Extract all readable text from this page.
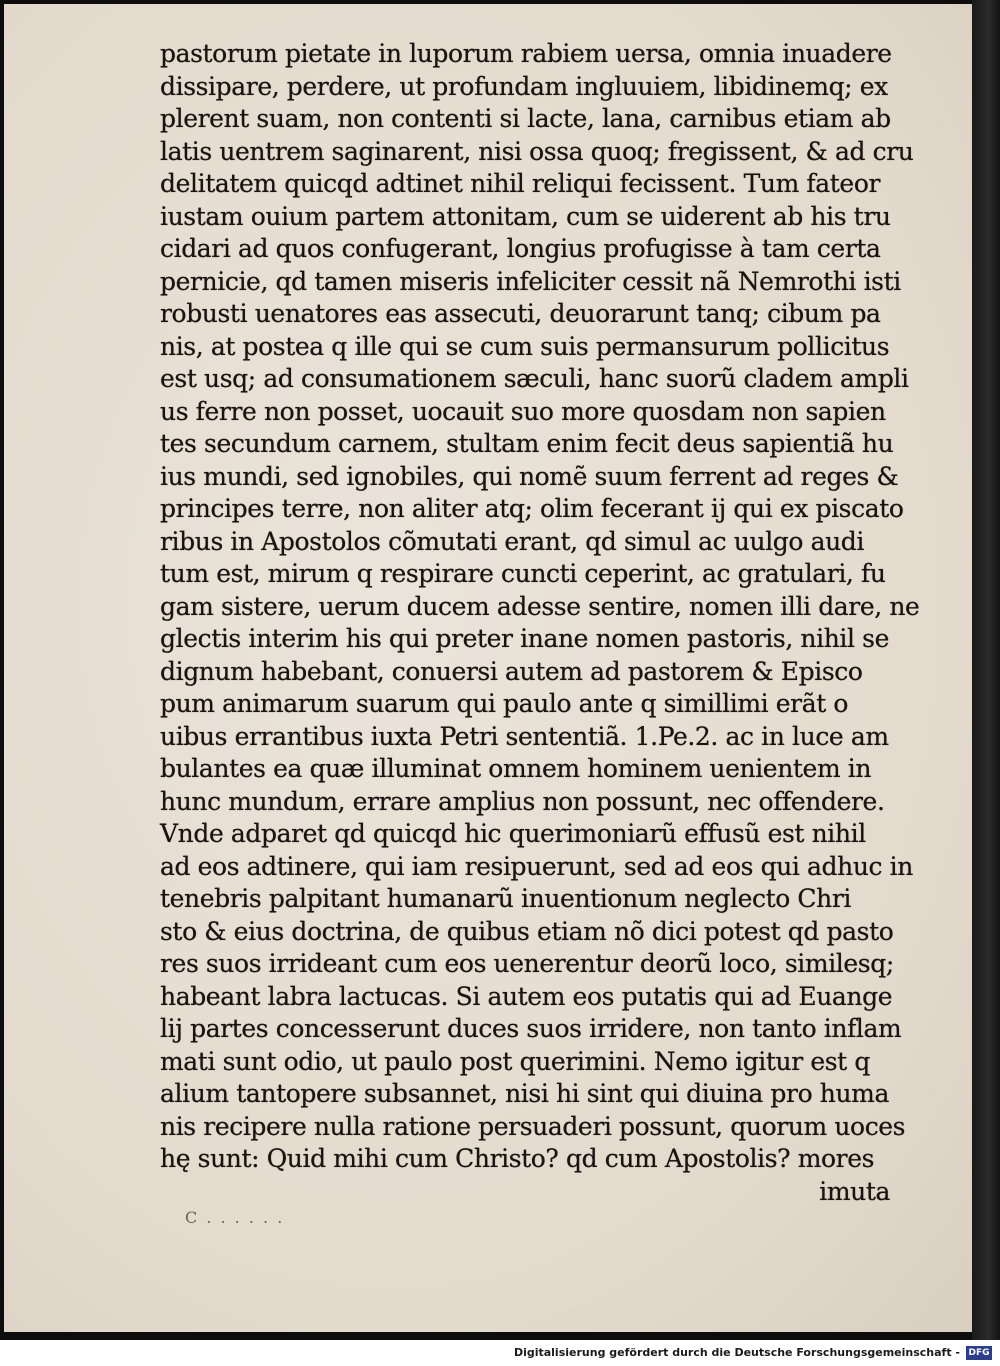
pastorum pietate in luporum rabiem uersa, omnia inuadere
dissipare, perdere, ut profundam ingluuiem, libidinemq; ex
plerent suam, non contenti si lacte, lana, carnibus etiam ab
latis uentrem saginarent, nisi ossa quoq; fregissent, & ad cru
delitatem quicqd adtinet nihil reliqui fecissent. Tum fateor
iustam ouium partem attonitam, cum se uiderent ab his tru
cidari ad quos confugerant, longius profugisse à tam certa
pernicie, qd tamen miseris infeliciter cessit nã Nemrothi isti
robusti uenatores eas assecuti, deuorarunt tanq; cibum pa
nis, at postea q ille qui se cum suis permansurum pollicitus
est usq; ad consumationem sæculi, hanc suorũ cladem ampli
us ferre non posset, uocauit suo more quosdam non sapien
tes secundum carnem, stultam enim fecit deus sapientiã hu
ius mundi, sed ignobiles, qui nomẽ suum ferrent ad reges &
principes terre, non aliter atq; olim fecerant ij qui ex piscato
ribus in Apostolos cõmutati erant, qd simul ac uulgo audi
tum est, mirum q respirare cuncti ceperint, ac gratulari, fu
gam sistere, uerum ducem adesse sentire, nomen illi dare, ne
glectis interim his qui preter inane nomen pastoris, nihil se
dignum habebant, conuersi autem ad pastorem & Episco
pum animarum suarum qui paulo ante q simillimi erãt o
uibus errantibus iuxta Petri sententiã. 1.Pe.2. ac in luce am
bulantes ea quæ illuminat omnem hominem uenientem in
hunc mundum, errare amplius non possunt, nec offendere.
Vnde adparet qd quicqd hic querimoniarũ effusũ est nihil
ad eos adtinere, qui iam resipuerunt, sed ad eos qui adhuc in
tenebris palpitant humanarũ inuentionum neglecto Chri
sto & eius doctrina, de quibus etiam nõ dici potest qd pasto
res suos irrideant cum eos uenerentur deorũ loco, similesq;
habeant labra lactucas. Si autem eos putatis qui ad Euange
lij partes concesserunt duces suos irridere, non tanto inflam
mati sunt odio, ut paulo post querimini. Nemo igitur est q
alium tantopere subsannet, nisi hi sint qui diuina pro huma
nis recipere nulla ratione persuaderi possunt, quorum uoces
hę sunt: Quid mihi cum Christo? qd cum Apostolis? mores
imuta
C . . . . . .
Digitalisierung gefördert durch die Deutsche Forschungsgemeinschaft - DFG
